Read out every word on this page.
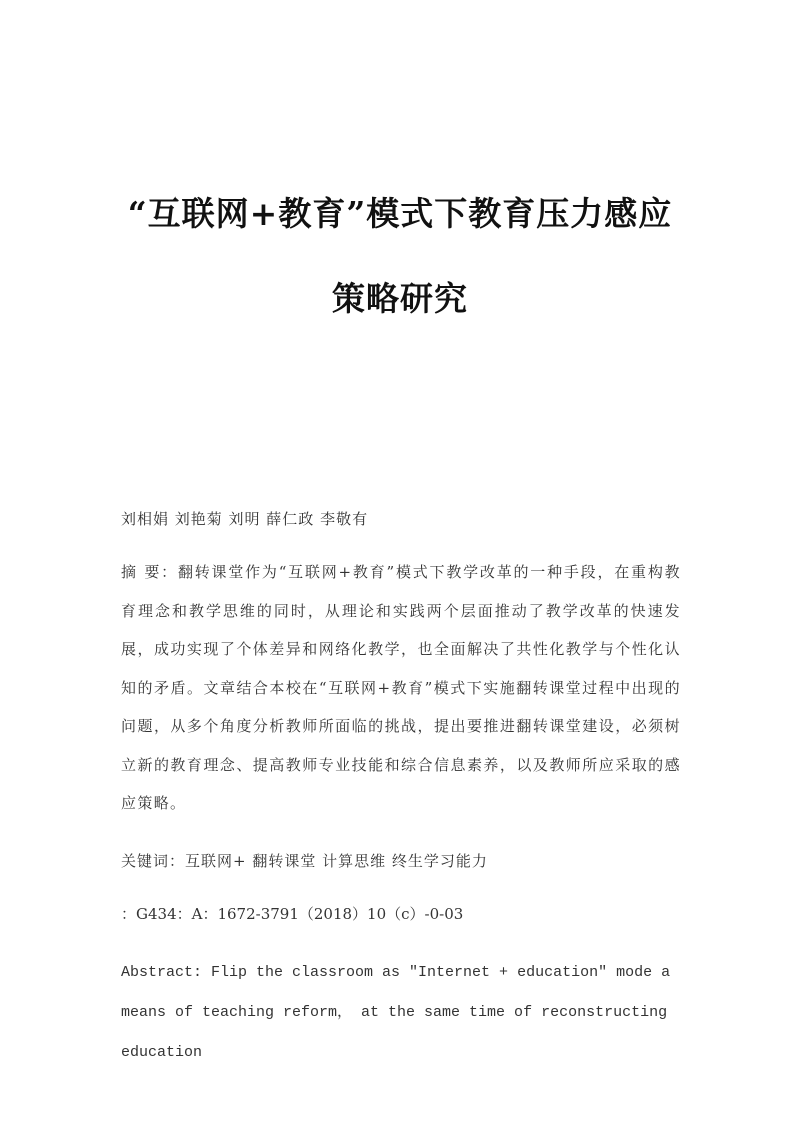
“互联网+教育”模式下教育压力感应
策略研究
刘相娟 刘艳菊 刘明 薛仁政 李敬有

摘 要：翻转课堂作为“互联网+教育”模式下教学改革的一种手段，在重构教育理念和教学思维的同时，从理论和实践两个层面推动了教学改革的快速发展，成功实现了个体差异和网络化教学，也全面解决了共性化教学与个性化认知的矛盾。文章结合本校在“互联网+教育”模式下实施翻转课堂过程中出现的问题，从多个角度分析教师所面临的挑战，提出要推进翻转课堂建设，必须树立新的教育理念、提高教师专业技能和综合信息素养，以及教师所应采取的感应策略。

关键词：互联网+ 翻转课堂 计算思维 终生学习能力
：G434：A：1672-3791（2018）10（c）-0-03

Abstract: Flip the classroom as "Internet + education" mode a means of teaching reform， at the same time of reconstructing education
